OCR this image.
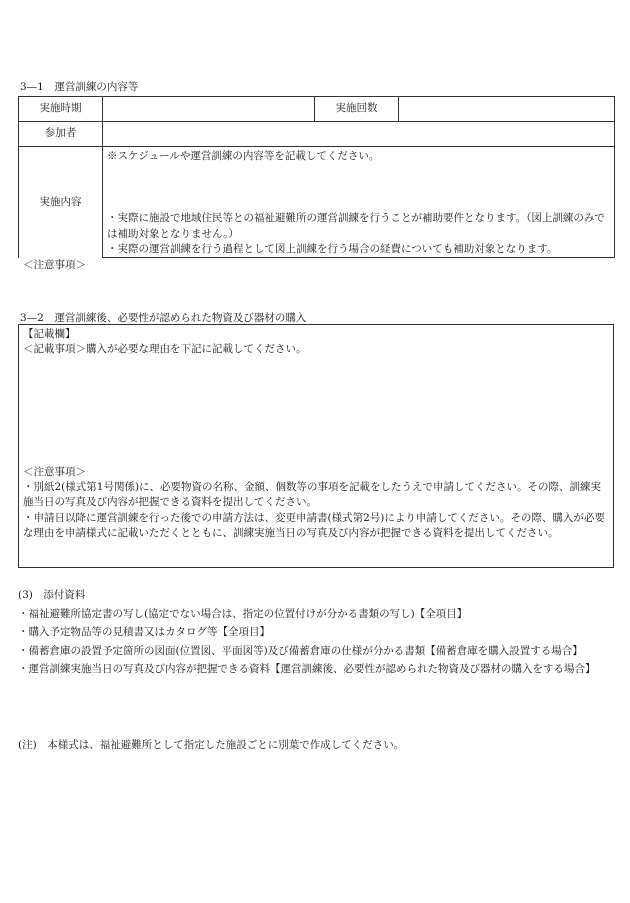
3—1　運営訓練の内容等
実施時期		実施回数	
参加者			
実施内容	※スケジュールや運営訓練の内容等を記載してください。		

	・実際に施設で地域住民等との福祉避難所の運営訓練を行うことが補助要件となります。（図上訓練のみでは補助対象となりません。）
・実際の運営訓練を行う過程として図上訓練を行う場合の経費についても補助対象となります。		
＜注意事項＞
3—2　運営訓練後、必要性が認められた物資及び器材の購入
【記載欄】
＜記載事項＞購入が必要な理由を下記に記載してください。
＜注意事項＞
・別紙2(様式第1号関係)に、必要物資の名称、金額、個数等の事項を記載をしたうえで申請してください。その際、訓練実施当日の写真及び内容が把握できる資料を提出してください。
・申請日以降に運営訓練を行った後での申請方法は、変更申請書(様式第2号)により申請してください。その際、購入が必要な理由を申請様式に記載いただくとともに、訓練実施当日の写真及び内容が把握できる資料を提出してください。

(3)　添付資料

・福祉避難所協定書の写し(協定でない場合は、指定の位置付けが分かる書類の写し)【全項目】

・購入予定物品等の見積書又はカタログ等【全項目】

・備蓄倉庫の設置予定箇所の図面(位置図、平面図等)及び備蓄倉庫の仕様が分かる書類【備蓄倉庫を購入設置する場合】

・運営訓練実施当日の写真及び内容が把握できる資料【運営訓練後、必要性が認められた物資及び器材の購入をする場合】

(注)　本様式は、福祉避難所として指定した施設ごとに別葉で作成してください。
